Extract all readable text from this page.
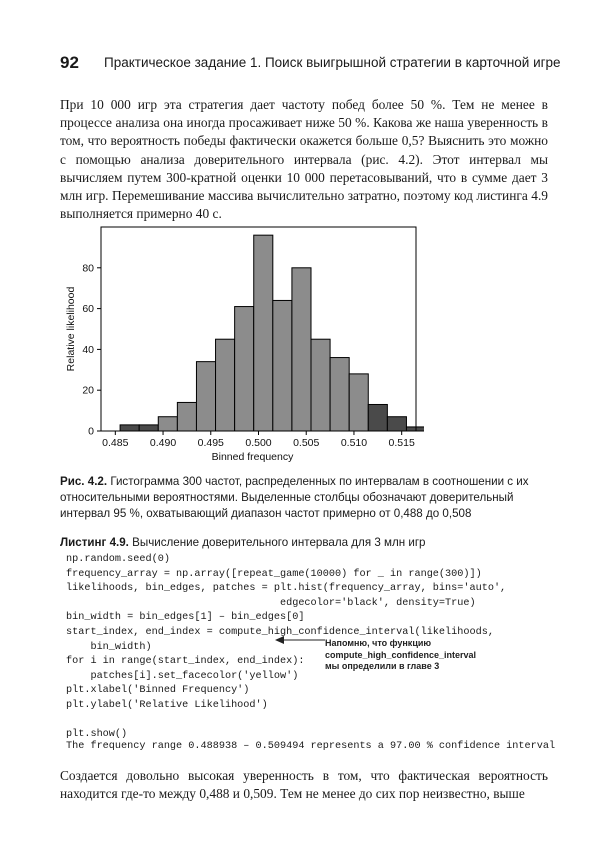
92 Практическое задание 1. Поиск выигрышной стратегии в карточной игре

При 10 000 игр эта стратегия дает частоту побед более 50 %. Тем не менее в процессе анализа она иногда просаживает ниже 50 %. Какова же наша уверенность в том, что вероятность победы фактически окажется больше 0,5? Выяснить это можно с помощью анализа доверительного интервала (рис. 4.2). Этот интервал мы вычисляем путем 300-кратной оценки 10 000 перетасовываний, что в сумме дает 3 млн игр. Перемешивание массива вычислительно затратно, поэтому код листинга 4.9 выполняется примерно 40 с.

0.485 0.490 0.495 0.500 0.505 0.510 0.515
0
20
40
60
80
Binned frequency
Relative likelihood

Рис. 4.2. Гистограмма 300 частот, распределенных по интервалам в соотношении с их относительными вероятностями. Выделенные столбцы обозначают доверительный интервал 95 %, охватывающий диапазон частот примерно от 0,488 до 0,508

Листинг 4.9. Вычисление доверительного интервала для 3 млн игр

np.random.seed(0)
frequency_array = np.array([repeat_game(10000) for _ in range(300)])
likelihoods, bin_edges, patches = plt.hist(frequency_array, bins='auto',
edgecolor='black', density=True)
bin_width = bin_edges[1] – bin_edges[0]
start_index, end_index = compute_high_confidence_interval(likelihoods,
bin_width)
for i in range(start_index, end_index):
patches[i].set_facecolor('yellow')
plt.xlabel('Binned Frequency')
plt.ylabel('Relative Likelihood')

plt.show()
Напомню, что функцию
compute_high_confidence_interval
мы определили в главе 3
The frequency range 0.488938 – 0.509494 represents a 97.00 % confidence interval

Создается довольно высокая уверенность в том, что фактическая вероятность находится где-то между 0,488 и 0,509. Тем не менее до сих пор неизвестно, выше
